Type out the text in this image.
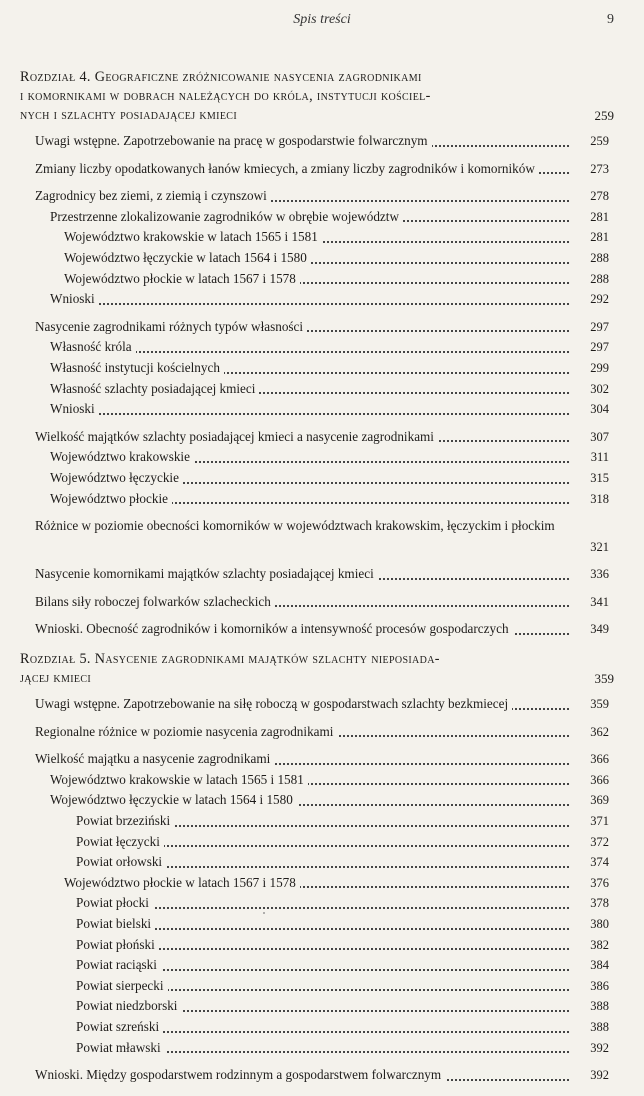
Spis treści	9
Rozdział 4. Geograficzne zróżnicowanie nasycenia zagrodnikami
i komornikami w dobrach należących do króla, instytucji kościel-
nych i szlachty posiadającej kmieci	259
Uwagi wstępne. Zapotrzebowanie na pracę w gospodarstwie folwarcznym	259
Zmiany liczby opodatkowanych łanów kmiecych, a zmiany liczby zagrodników i komorników	273
Zagrodnicy bez ziemi, z ziemią i czynszowi	278
Przestrzenne zlokalizowanie zagrodników w obrębie województw	281
Województwo krakowskie w latach 1565 i 1581	281
Województwo łęczyckie w latach 1564 i 1580	288
Województwo płockie w latach 1567 i 1578	288
Wnioski	292
Nasycenie zagrodnikami różnych typów własności	297
Własność króla	297
Własność instytucji kościelnych	299
Własność szlachty posiadającej kmieci	302
Wnioski	304
Wielkość majątków szlachty posiadającej kmieci a nasycenie zagrodnikami	307
Województwo krakowskie	311
Województwo łęczyckie	315
Województwo płockie	318
Różnice w poziomie obecności komorników w województwach krakowskim, łęczyckim i płockim
321
Nasycenie komornikami majątków szlachty posiadającej kmieci	336
Bilans siły roboczej folwarków szlacheckich	341
Wnioski. Obecność zagrodników i komorników a intensywność procesów gospodarczych	349
Rozdział 5. Nasycenie zagrodnikami majątków szlachty nieposiada-
jącej kmieci	359
Uwagi wstępne. Zapotrzebowanie na siłę roboczą w gospodarstwach szlachty bezkmiecej	359
Regionalne różnice w poziomie nasycenia zagrodnikami	362
Wielkość majątku a nasycenie zagrodnikami	366
Województwo krakowskie w latach 1565 i 1581	366
Województwo łęczyckie w latach 1564 i 1580	369
Powiat brzeziński	371
Powiat łęczycki	372
Powiat orłowski	374
Województwo płockie w latach 1567 i 1578	376
Powiat płocki	378
Powiat bielski	380
Powiat płoński	382
Powiat raciąski	384
Powiat sierpecki	386
Powiat niedzborski	388
Powiat szreński	388
Powiat mławski	392
Wnioski. Między gospodarstwem rodzinnym a gospodarstwem folwarcznym	392
